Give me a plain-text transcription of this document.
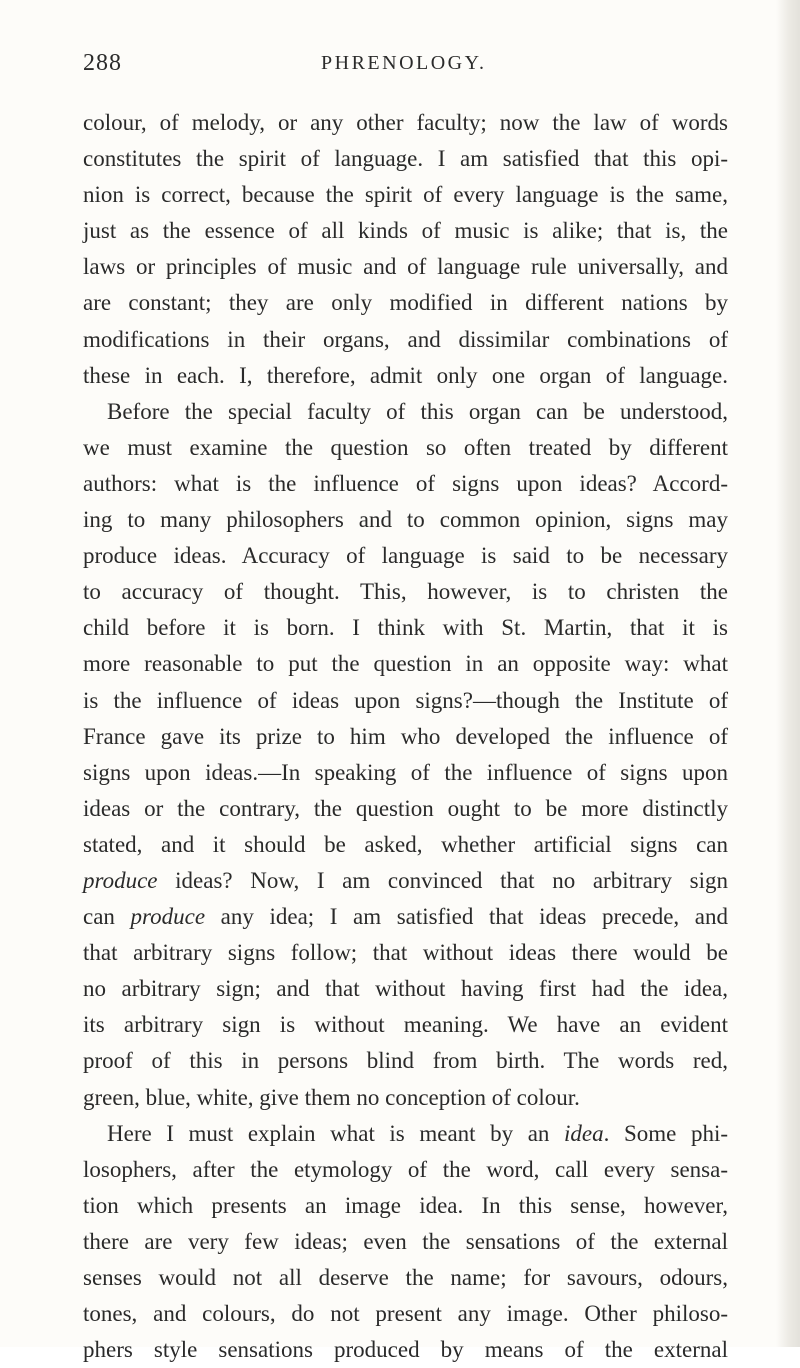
288	PHRENOLOGY.
colour, of melody, or any other faculty; now the law of words
constitutes the spirit of language. I am satisfied that this opi-
nion is correct, because the spirit of every language is the same,
just as the essence of all kinds of music is alike; that is, the
laws or principles of music and of language rule universally, and
are constant; they are only modified in different nations by
modifications in their organs, and dissimilar combinations of
these in each. I, therefore, admit only one organ of language.
Before the special faculty of this organ can be understood,
we must examine the question so often treated by different
authors: what is the influence of signs upon ideas? Accord-
ing to many philosophers and to common opinion, signs may
produce ideas. Accuracy of language is said to be necessary
to accuracy of thought. This, however, is to christen the
child before it is born. I think with St. Martin, that it is
more reasonable to put the question in an opposite way: what
is the influence of ideas upon signs?—though the Institute of
France gave its prize to him who developed the influence of
signs upon ideas.—In speaking of the influence of signs upon
ideas or the contrary, the question ought to be more distinctly
stated, and it should be asked, whether artificial signs can
produce ideas? Now, I am convinced that no arbitrary sign
can produce any idea; I am satisfied that ideas precede, and
that arbitrary signs follow; that without ideas there would be
no arbitrary sign; and that without having first had the idea,
its arbitrary sign is without meaning. We have an evident
proof of this in persons blind from birth. The words red,
green, blue, white, give them no conception of colour.
Here I must explain what is meant by an idea. Some phi-
losophers, after the etymology of the word, call every sensa-
tion which presents an image idea. In this sense, however,
there are very few ideas; even the sensations of the external
senses would not all deserve the name; for savours, odours,
tones, and colours, do not present any image. Other philoso-
phers style sensations produced by means of the external
